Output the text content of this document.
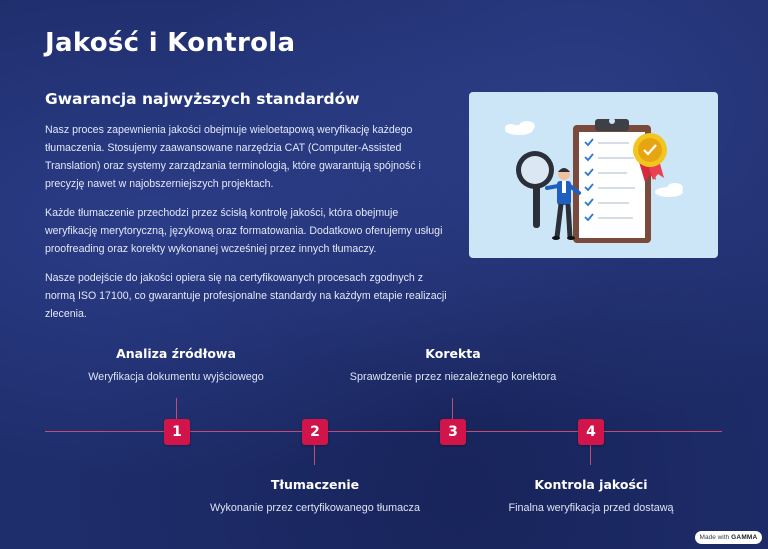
Jakość i Kontrola
Gwarancja najwyższych standardów
Nasz proces zapewnienia jakości obejmuje wieloetapową weryfikację każdego tłumaczenia. Stosujemy zaawansowane narzędzia CAT (Computer-Assisted Translation) oraz systemy zarządzania terminologią, które gwarantują spójność i precyzję nawet w najobszerniejszych projektach.
Każde tłumaczenie przechodzi przez ścisłą kontrolę jakości, która obejmuje weryfikację merytoryczną, językową oraz formatowania. Dodatkowo oferujemy usługi proofreading oraz korekty wykonanej wcześniej przez innych tłumaczy.
Nasze podejście do jakości opiera się na certyfikowanych procesach zgodnych z normą ISO 17100, co gwarantuje profesjonalne standardy na każdym etapie realizacji zlecenia.
1	2	3	4
Analiza źródłowa
Weryfikacja dokumentu wyjściowego
Tłumaczenie
Wykonanie przez certyfikowanego tłumacza
Korekta
Sprawdzenie przez niezależnego korektora
Kontrola jakości
Finalna weryfikacja przed dostawą
Made with GAMMA
